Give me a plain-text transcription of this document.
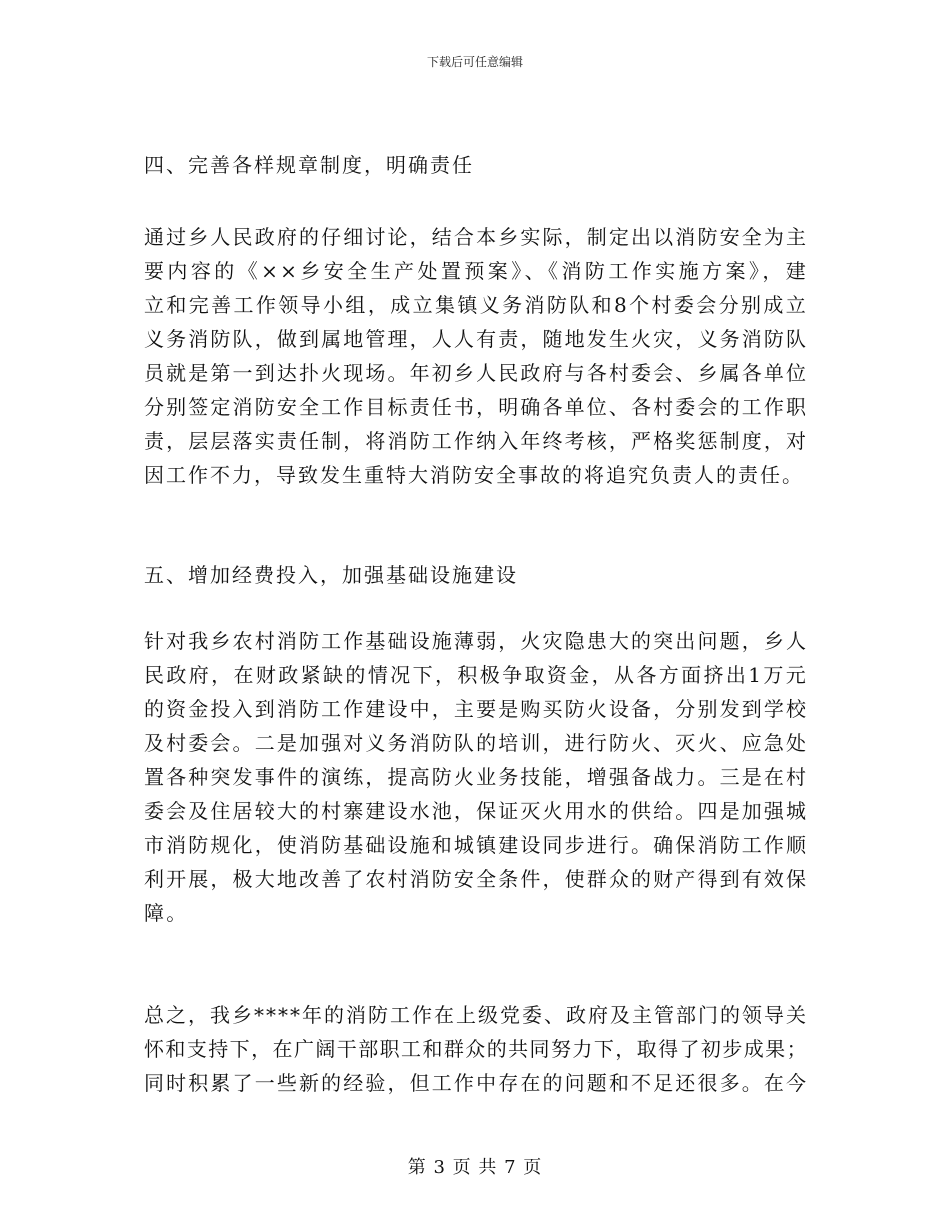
下载后可任意编辑
四、完善各样规章制度，明确责任
通过乡人民政府的仔细讨论，结合本乡实际，制定出以消防安全为主
要内容的《××乡安全生产处置预案》、《消防工作实施方案》，建
立和完善工作领导小组，成立集镇义务消防队和8个村委会分别成立
义务消防队，做到属地管理，人人有责，随地发生火灾，义务消防队
员就是第一到达扑火现场。年初乡人民政府与各村委会、乡属各单位
分别签定消防安全工作目标责任书，明确各单位、各村委会的工作职
责，层层落实责任制，将消防工作纳入年终考核，严格奖惩制度，对
因工作不力，导致发生重特大消防安全事故的将追究负责人的责任。
五、增加经费投入，加强基础设施建设
针对我乡农村消防工作基础设施薄弱，火灾隐患大的突出问题，乡人
民政府，在财政紧缺的情况下，积极争取资金，从各方面挤出1万元
的资金投入到消防工作建设中，主要是购买防火设备，分别发到学校
及村委会。二是加强对义务消防队的培训，进行防火、灭火、应急处
置各种突发事件的演练，提高防火业务技能，增强备战力。三是在村
委会及住居较大的村寨建设水池，保证灭火用水的供给。四是加强城
市消防规化，使消防基础设施和城镇建设同步进行。确保消防工作顺
利开展，极大地改善了农村消防安全条件，使群众的财产得到有效保
障。
总之，我乡****年的消防工作在上级党委、政府及主管部门的领导关
怀和支持下，在广阔干部职工和群众的共同努力下，取得了初步成果；
同时积累了一些新的经验，但工作中存在的问题和不足还很多。在今
第 3 页 共 7 页
